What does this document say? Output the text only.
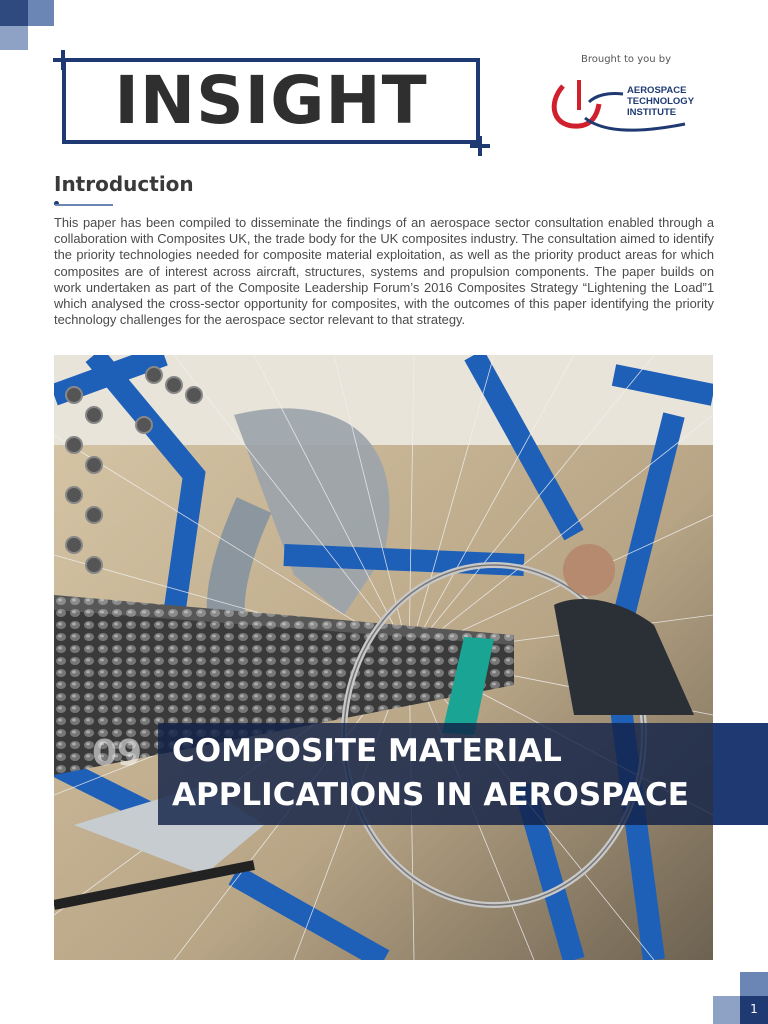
INSIGHT
Brought to you by
AEROSPACE
TECHNOLOGY
INSTITUTE
Introduction

This paper has been compiled to disseminate the findings of an aerospace sector consultation enabled through a collaboration with Composites UK, the trade body for the UK composites industry. The consultation aimed to identify the priority technologies needed for composite material exploitation, as well as the priority product areas for which composites are of interest across aircraft, structures, systems and propulsion components. The paper builds on work undertaken as part of the Composite Leadership Forum’s 2016 Composites Strategy “Lightening the Load”1 which analysed the cross-sector opportunity for composites, with the outcomes of this paper identifying the priority technology challenges for the aerospace sector relevant to that strategy.

09 COMPOSITE MATERIAL
APPLICATIONS IN AEROSPACE
1
